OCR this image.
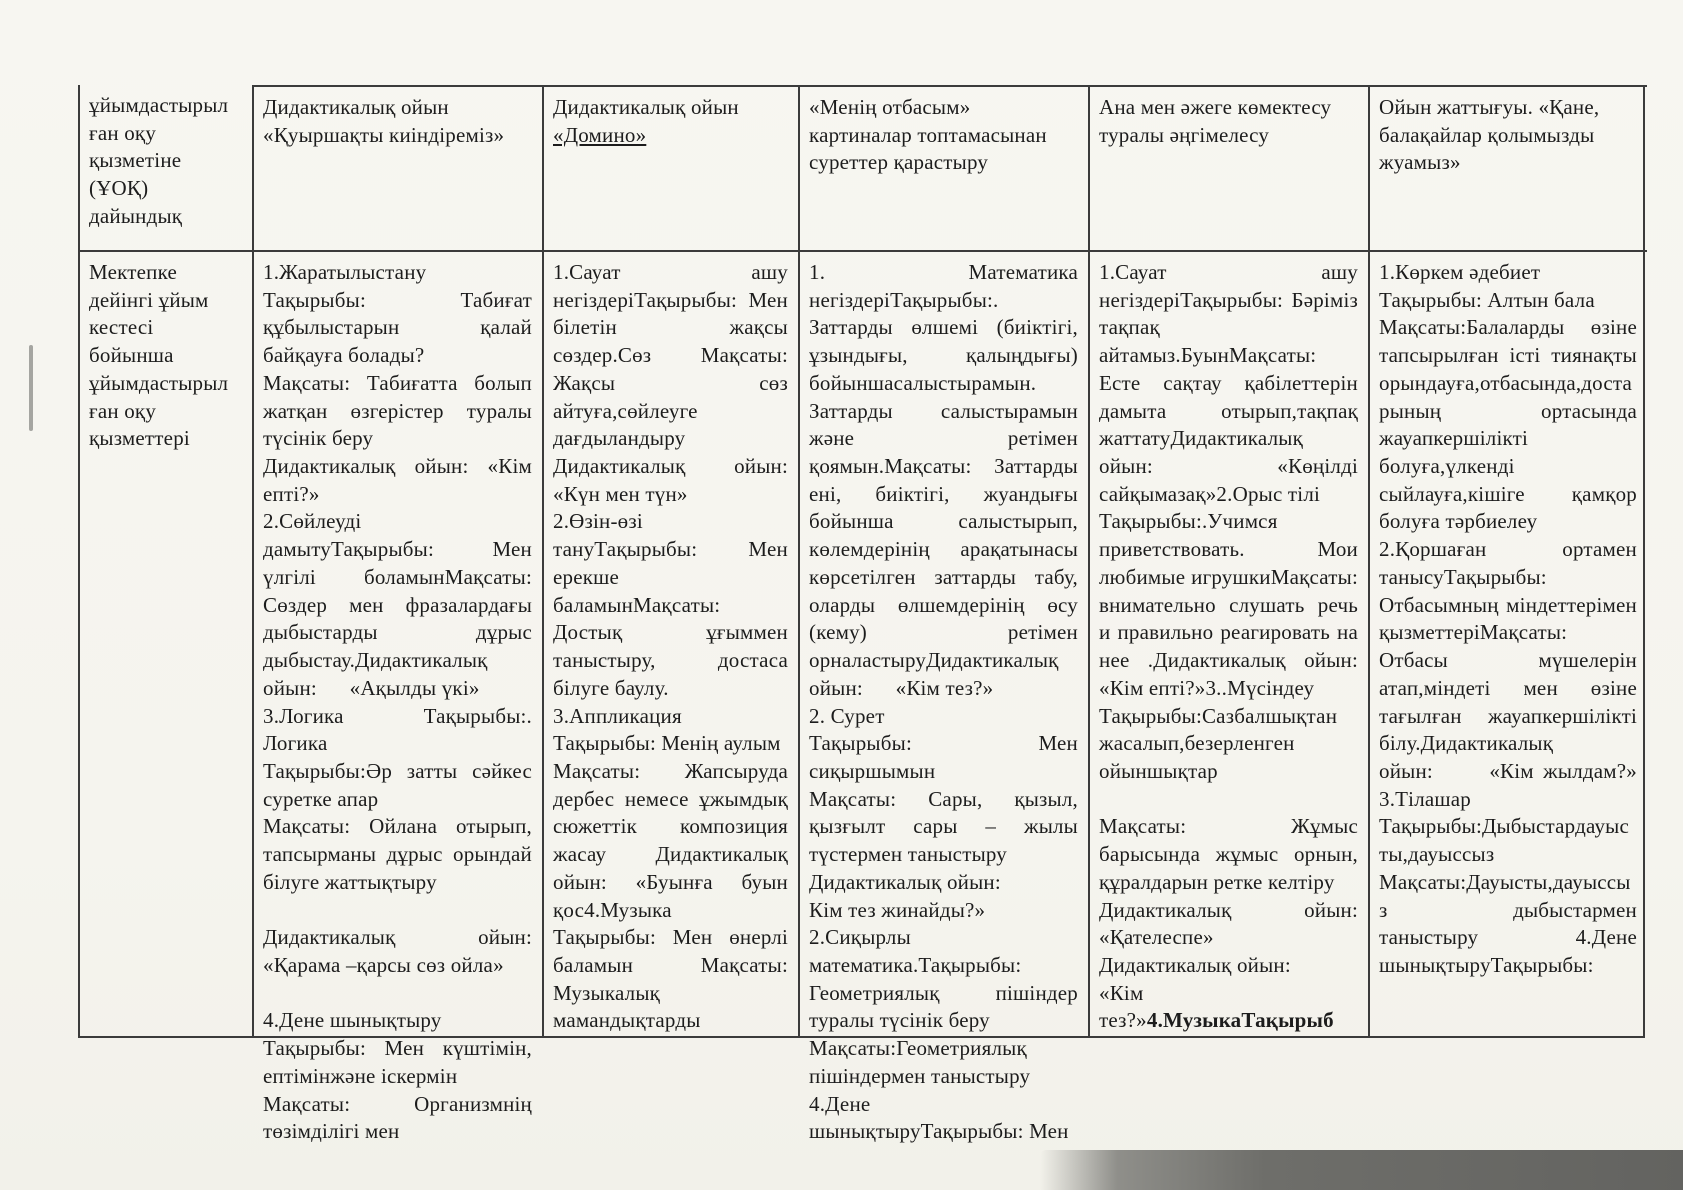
ұйымдастырыл ған оқу қызметіне (ҰОҚ) дайындық
Дидактикалық ойын «Қуыршақты киіндіреміз»
Дидактикалық ойын «Домино»
«Менің отбасым» картиналар топтамасынан суреттер қарастыру
Ана мен әжеге көмектесу туралы әңгімелесу
Ойын жаттығуы. «Қане, балақайлар қолымызды жуамыз»
Мектепке дейінгі ұйым кестесі бойынша ұйымдастырыл ған оқу қызметтері
1.Жаратылыстану
Тақырыбы: Табиғат құбылыстарын қалай байқауға болады?
Мақсаты: Табиғатта болып жатқан өзгерістер туралы түсінік беру
Дидактикалық ойын: «Кім епті?»
2.Сөйлеуді дамытуТақырыбы: Мен үлгілі боламынМақсаты: Сөздер мен фразалардағы дыбыстарды дұрыс дыбыстау.Дидактикалық ойын:      «Ақылды үкі»
3.Логика   Тақырыбы:. Логика
Тақырыбы:Әр затты сәйкес суретке апар
Мақсаты: Ойлана отырып, тапсырманы дұрыс орындай білуге жаттықтыру

Дидактикалық ойын: «Қарама –қарсы сөз ойла»

4.Дене шынықтыру
Тақырыбы: Мен күштімін, ептімінжәне іскермін
Мақсаты: Организмнің төзімділігі мен
1.Сауат ашу негіздеріТақырыбы: Мен білетін жақсы сөздер.Сөз     Мақсаты: Жақсы сөз айтуға,сөйлеуге дағдыландыру
Дидактикалық ойын: «Күн мен түн»
2.Өзін-өзі тануТақырыбы: Мен ерекше баламынМақсаты: Достық ұғыммен таныстыру, достаса білуге баулу.
3.Аппликация
Тақырыбы: Менің аулым
Мақсаты: Жапсыруда дербес немесе ұжымдық сюжеттік композиция жасау    Дидактикалық ойын: «Буынға буын қос4.Музыка
Тақырыбы: Мен өнерлі баламын  Мақсаты: Музыкалық мамандықтарды
1. Математика негіздеріТақырыбы:. Заттарды өлшемі (биіктігі, ұзындығы, қалыңдығы) бойыншасалыстырамын. Заттарды салыстырамын және ретімен қоямын.Мақсаты: Заттарды ені, биіктігі, жуандығы бойынша салыстырып, көлемдерінің арақатынасы көрсетілген заттарды табу, оларды өлшемдерінің өсу (кему) ретімен орналастыруДидактикалық ойын:      «Кім тез?»
2. Сурет
Тақырыбы: Мен сиқыршымын
Мақсаты: Сары, қызыл, қызғылт сары – жылы түстермен таныстыру
Дидактикалық ойын:
Кім тез жинайды?»
2.Сиқырлы математика.Тақырыбы: Геометриялық пішіндер туралы түсінік беру
Мақсаты:Геометриялық пішіндермен таныстыру
4.Дене шынықтыруТақырыбы: Мен
1.Сауат ашу негіздеріТақырыбы: Бәріміз тақпақ айтамыз.БуынМақсаты: Есте сақтау қабілеттерін дамыта отырып,тақпақ жаттатуДидактикалық ойын:      «Көңілді сайқымазақ»2.Орыс тілі
Тақырыбы:.Учимся приветствовать. Мои любимые игрушкиМақсаты: внимательно слушать речь и правильно реагировать на нее .Дидактикалық ойын: «Кім епті?»3..Мүсіндеу
Тақырыбы:Сазбалшықтан жасалып,безерленген ойыншықтар

Мақсаты: Жұмыс барысында жұмыс орнын, құралдарын ретке келтіру
Дидактикалық ойын: «Қателеспе»
Дидактикалық ойын:
«Кім тез?»4.МузыкаТақырыб
1.Көркем әдебиет
Тақырыбы: Алтын бала
Мақсаты:Балаларды өзіне тапсырылған істі тиянақты орындауға,отбасында,достарының ортасында жауапкершілікті болуға,үлкенді сыйлауға,кішіге қамқор болуға тәрбиелеу
2.Қоршаған ортамен танысуТақырыбы: Отбасымның міндеттерімен қызметтеріМақсаты: Отбасы мүшелерін атап,міндеті мен өзіне тағылған жауапкершілікті білу.Дидактикалық ойын:      «Кім жылдам?» 3.Тілашар
Тақырыбы:Дыбыстардауысты,дауыссыз
Мақсаты:Дауысты,дауыссыз дыбыстармен таныстыру     4.Дене шынықтыруТақырыбы:
